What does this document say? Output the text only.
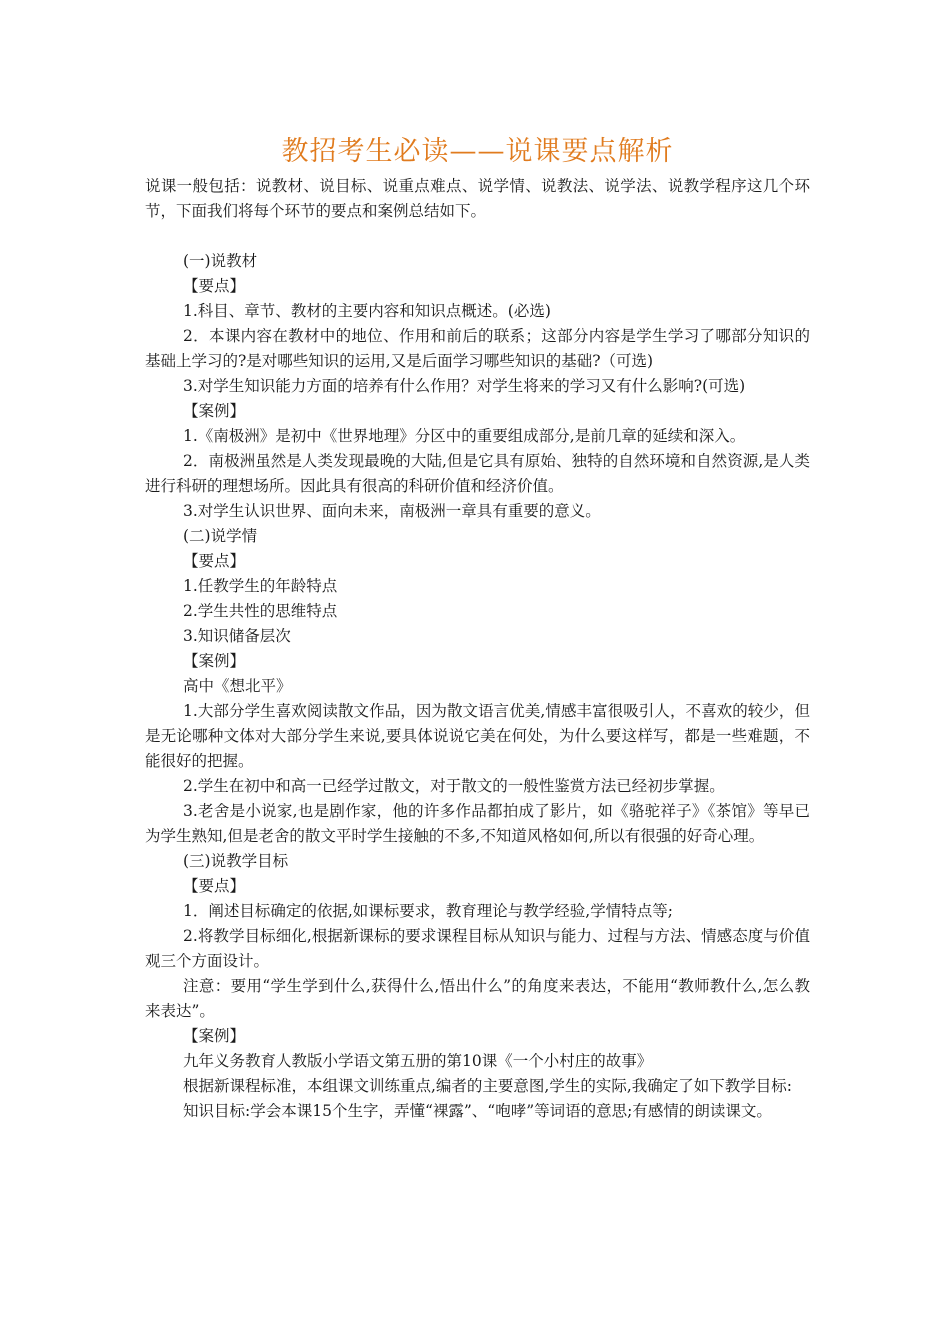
教招考生必读——说课要点解析

说课一般包括：说教材、说目标、说重点难点、说学情、说教法、说学法、说教学程序这几个环节，下面我们将每个环节的要点和案例总结如下。

(一)说教材

【要点】

1.科目、章节、教材的主要内容和知识点概述。(必选)

2．本课内容在教材中的地位、作用和前后的联系；这部分内容是学生学习了哪部分知识的基础上学习的?是对哪些知识的运用,又是后面学习哪些知识的基础?（可选)

3.对学生知识能力方面的培养有什么作用？对学生将来的学习又有什么影响?(可选)

【案例】

1.《南极洲》是初中《世界地理》分区中的重要组成部分,是前几章的延续和深入。

2．南极洲虽然是人类发现最晚的大陆,但是它具有原始、独特的自然环境和自然资源,是人类进行科研的理想场所。因此具有很高的科研价值和经济价值。

3.对学生认识世界、面向未来，南极洲一章具有重要的意义。

(二)说学情

【要点】

1.任教学生的年龄特点

2.学生共性的思维特点

3.知识储备层次

【案例】

高中《想北平》

1.大部分学生喜欢阅读散文作品，因为散文语言优美,情感丰富很吸引人，不喜欢的较少，但是无论哪种文体对大部分学生来说,要具体说说它美在何处，为什么要这样写，都是一些难题，不能很好的把握。

2.学生在初中和高一已经学过散文，对于散文的一般性鉴赏方法已经初步掌握。

3.老舍是小说家,也是剧作家，他的许多作品都拍成了影片，如《骆驼祥子》《茶馆》等早已为学生熟知,但是老舍的散文平时学生接触的不多,不知道风格如何,所以有很强的好奇心理。

(三)说教学目标

【要点】

1．阐述目标确定的依据,如课标要求，教育理论与教学经验,学情特点等;

2.将教学目标细化,根据新课标的要求课程目标从知识与能力、过程与方法、情感态度与价值观三个方面设计。

注意：要用“学生学到什么,获得什么,悟出什么”的角度来表达，不能用“教师教什么,怎么教来表达”。

【案例】

九年义务教育人教版小学语文第五册的第10课《一个小村庄的故事》

根据新课程标准，本组课文训练重点,编者的主要意图,学生的实际,我确定了如下教学目标:

知识目标:学会本课15个生字，弄懂“裸露”、“咆哮”等词语的意思;有感情的朗读课文。
